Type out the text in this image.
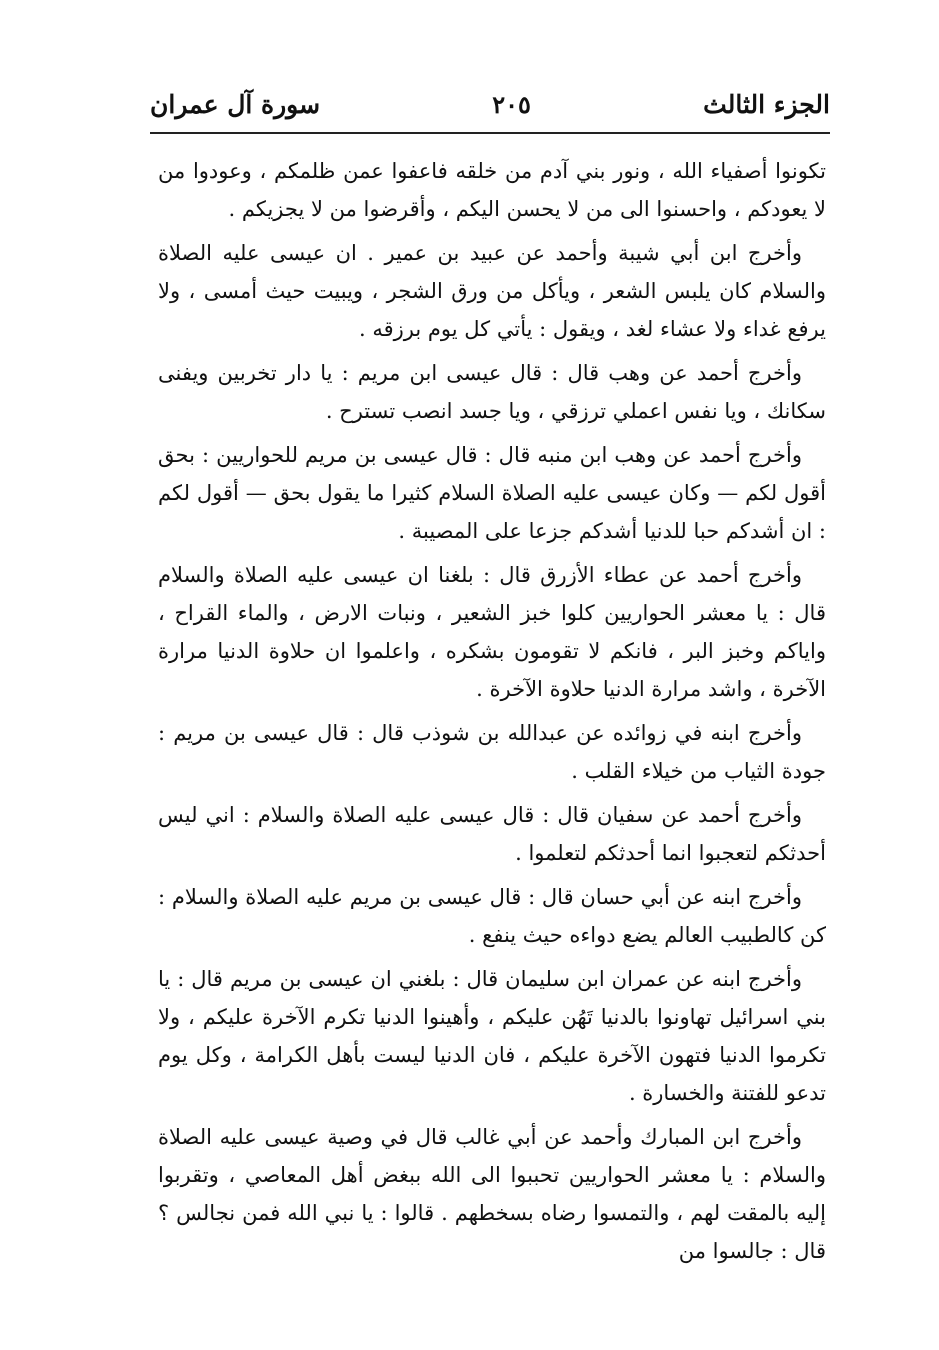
الجزء الثالث
٢٠٥
سورة آل عمران

تكونوا أصفياء الله ، ونور بني آدم من خلقه فاعفوا عمن ظلمكم ، وعودوا من لا يعودكم ، واحسنوا الى من لا يحسن اليكم ، وأقرضوا من لا يجزيكم .

وأخرج ابن أبي شيبة وأحمد عن عبيد بن عمير . ان عيسى عليه الصلاة والسلام كان يلبس الشعر ، ويأكل من ورق الشجر ، ويبيت حيث أمسى ، ولا يرفع غداء ولا عشاء لغد ، ويقول : يأتي كل يوم برزقه .

وأخرج أحمد عن وهب قال : قال عيسى ابن مريم : يا دار تخربين ويفنى سكانك ، ويا نفس اعملي ترزقي ، ويا جسد انصب تسترح .

وأخرج أحمد عن وهب ابن منبه قال : قال عيسى بن مريم للحواريين : بحق أقول لكم — وكان عيسى عليه الصلاة السلام كثيرا ما يقول بحق — أقول لكم : ان أشدكم حبا للدنيا أشدكم جزعا على المصيبة .

وأخرج أحمد عن عطاء الأزرق قال : بلغنا ان عيسى عليه الصلاة والسلام قال : يا معشر الحواريين كلوا خبز الشعير ، ونبات الارض ، والماء القراح ، واياكم وخبز البر ، فانكم لا تقومون بشكره ، واعلموا ان حلاوة الدنيا مرارة الآخرة ، واشد مرارة الدنيا حلاوة الآخرة .

وأخرج ابنه في زوائده عن عبدالله بن شوذب قال : قال عيسى بن مريم : جودة الثياب من خيلاء القلب .

وأخرج أحمد عن سفيان قال : قال عيسى عليه الصلاة والسلام : اني ليس أحدثكم لتعجبوا انما أحدثكم لتعلموا .

وأخرج ابنه عن أبي حسان قال : قال عيسى بن مريم عليه الصلاة والسلام : كن كالطبيب العالم يضع دواءه حيث ينفع .

وأخرج ابنه عن عمران ابن سليمان قال : بلغني ان عيسى بن مريم قال : يا بني اسرائيل تهاونوا بالدنيا تَهُن عليكم ، وأهينوا الدنيا تكرم الآخرة عليكم ، ولا تكرموا الدنيا فتهون الآخرة عليكم ، فان الدنيا ليست بأهل الكرامة ، وكل يوم تدعو للفتنة والخسارة .

وأخرج ابن المبارك وأحمد عن أبي غالب قال في وصية عيسى عليه الصلاة والسلام : يا معشر الحواريين تحببوا الى الله ببغض أهل المعاصي ، وتقربوا إليه بالمقت لهم ، والتمسوا رضاه بسخطهم . قالوا : يا نبي الله فمن نجالس ؟ قال : جالسوا من
